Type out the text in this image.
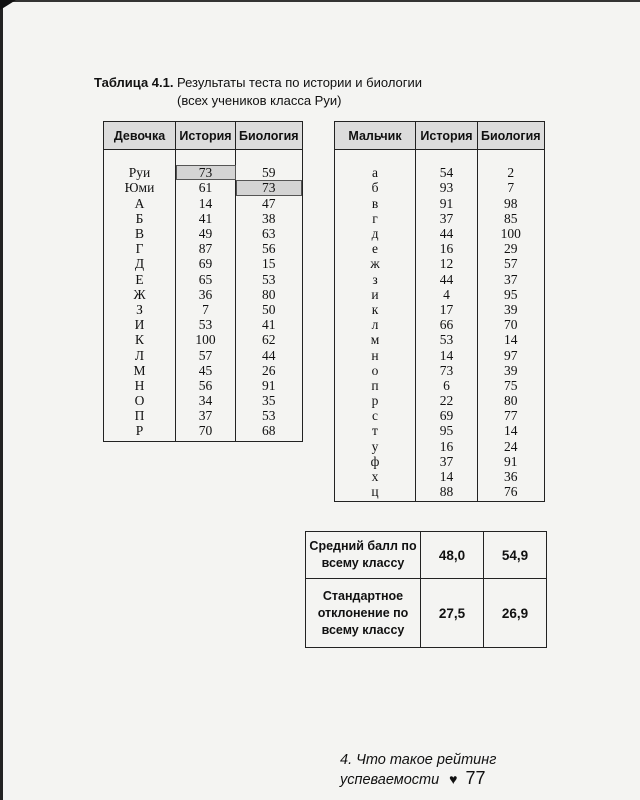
Таблица 4.1. Результаты теста по истории и биологии
(всех учеников класса Руи)
Девочка	История	Биология

Руи	73	59
Юми	61	73
А	14	47
Б	41	38
В	49	63
Г	87	56
Д	69	15
Е	65	53
Ж	36	80
З	7	50
И	53	41
К	100	62
Л	57	44
М	45	26
Н	56	91
О	34	35
П	37	53
Р	70	68
Мальчик	История	Биология

а	54	2
б	93	7
в	91	98
г	37	85
д	44	100
е	16	29
ж	12	57
з	44	37
и	4	95
к	17	39
л	66	70
м	53	14
н	14	97
о	73	39
п	6	75
р	22	80
с	69	77
т	95	14
у	16	24
ф	37	91
х	14	36
ц	88	76
Средний балл по всему классу	48,0	54,9
Стандартное отклонение по всему классу	27,5	26,9
4. Что такое рейтинг успеваемости ♥ 77
